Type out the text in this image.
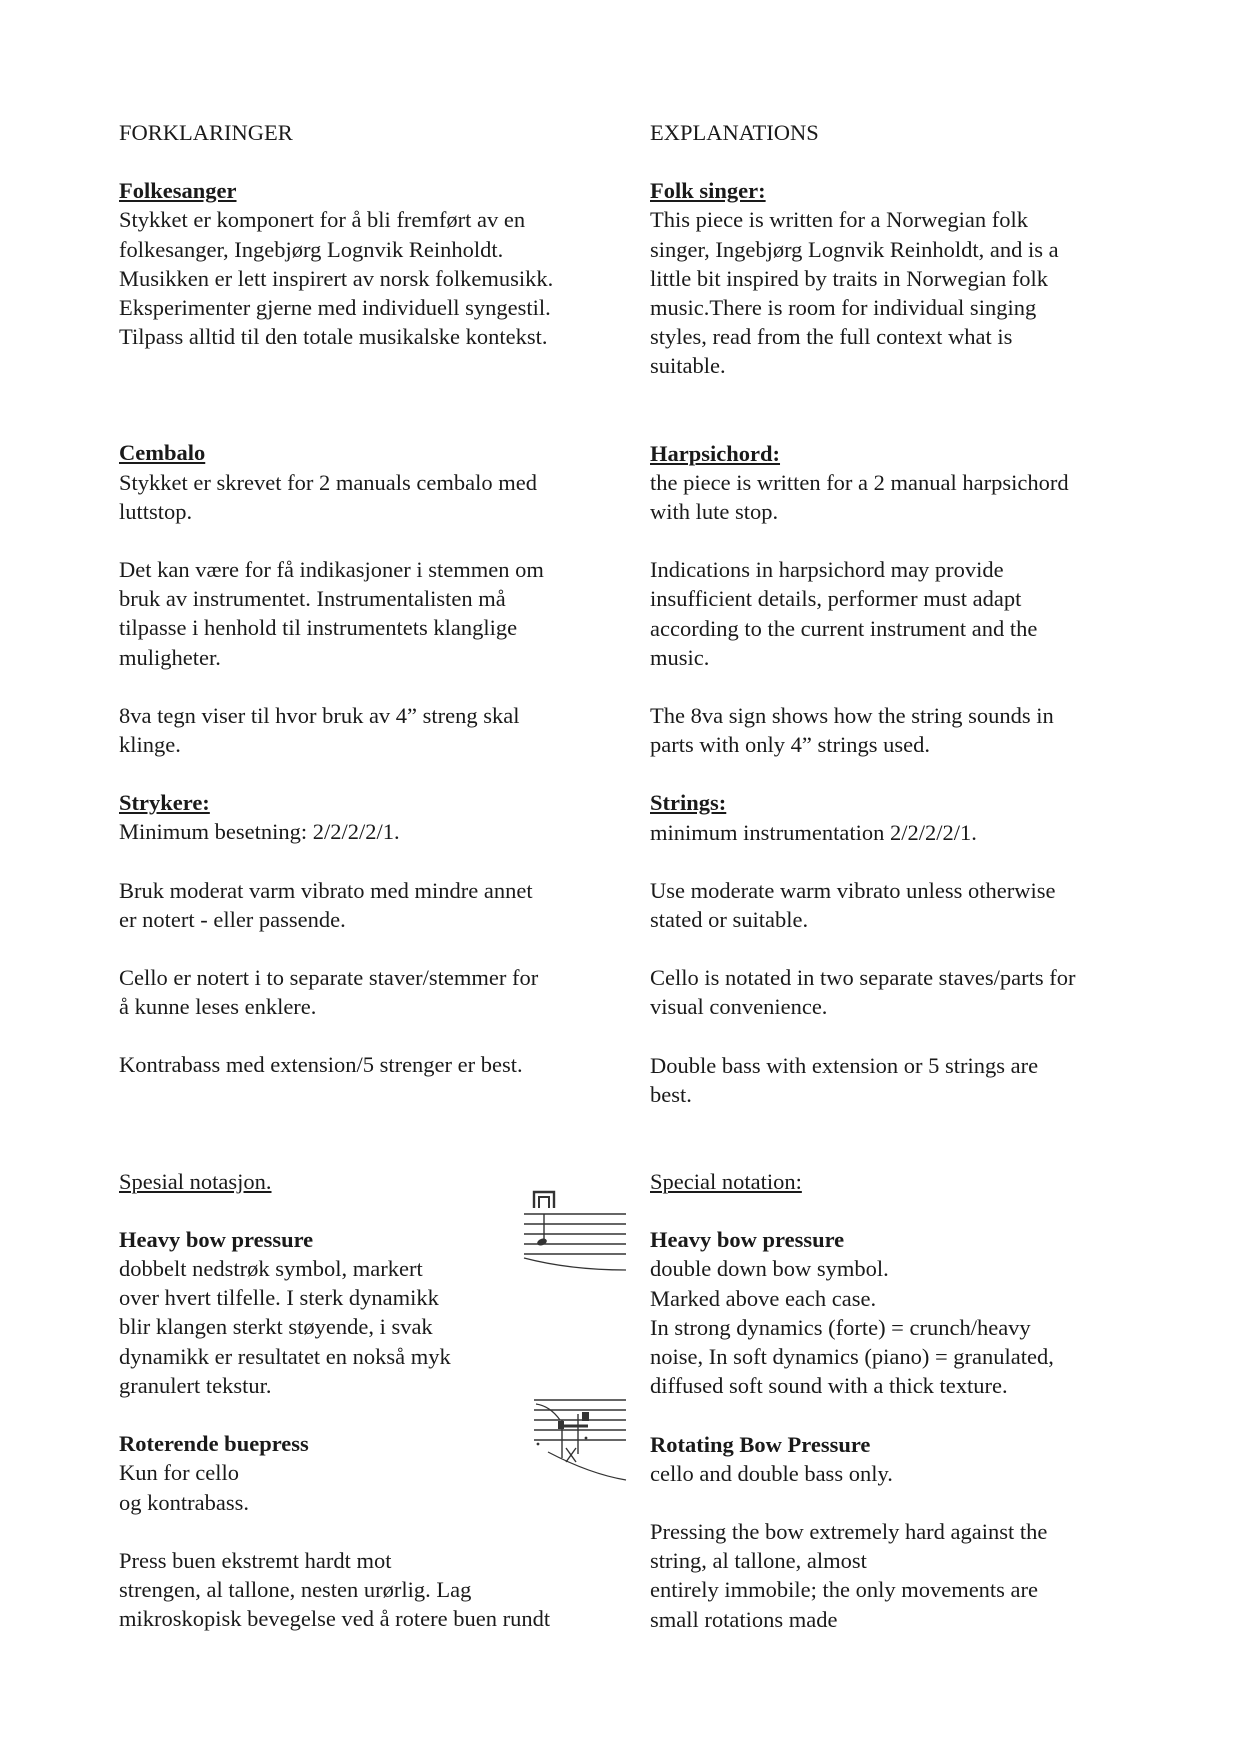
FORKLARINGER

Folkesanger

Stykket er komponert for å bli fremført av en
folkesanger, Ingebjørg Lognvik Reinholdt.
Musikken er lett inspirert av norsk folkemusikk.
Eksperimenter gjerne med individuell syngestil.
Tilpass alltid til den totale musikalske kontekst.

Cembalo

Stykket er skrevet for 2 manuals cembalo med
luttstop.
Det kan være for få indikasjoner i stemmen om
bruk av instrumentet. Instrumentalisten må
tilpasse i henhold til instrumentets klanglige
muligheter.
8va tegn viser til hvor bruk av 4” streng skal
klinge.

Strykere:

Minimum besetning: 2/2/2/2/1.
Bruk moderat varm vibrato med mindre annet
er notert - eller passende.
Cello er notert i to separate staver/stemmer for
å kunne leses enklere.
Kontrabass med extension/5 strenger er best.

Spesial notasjon.

Heavy bow pressure

dobbelt nedstrøk symbol, markert
over hvert tilfelle. I sterk dynamikk
blir klangen sterkt støyende, i svak
dynamikk er resultatet en nokså myk
granulert tekstur.

Roterende buepress

Kun for cello
og kontrabass.
Press buen ekstremt hardt mot
strengen, al tallone, nesten urørlig. Lag
mikroskopisk bevegelse ved å rotere buen rundt

EXPLANATIONS

Folk singer:

This piece is written for a Norwegian folk
singer, Ingebjørg Lognvik Reinholdt, and is a
little bit inspired by traits in Norwegian folk
music.There is room for individual singing
styles, read from the full context what is
suitable.

Harpsichord:

the piece is written for a 2 manual harpsichord
with lute stop.
Indications in harpsichord may provide
insufficient details, performer must adapt
according to the current instrument and the
music.
The 8va sign shows how the string sounds in
parts with only 4” strings used.

Strings:

minimum instrumentation 2/2/2/2/1.
Use moderate warm vibrato unless otherwise
stated or suitable.
Cello is notated in two separate staves/parts for
visual convenience.
Double bass with extension or 5 strings are
best.

Special notation:

Heavy bow pressure

double down bow symbol.
Marked above each case.
In strong dynamics (forte) = crunch/heavy
noise, In soft dynamics (piano) = granulated,
diffused soft sound with a thick texture.

Rotating Bow Pressure

cello and double bass only.
Pressing the bow extremely hard against the
string, al tallone, almost
entirely immobile; the only movements are
small rotations made
